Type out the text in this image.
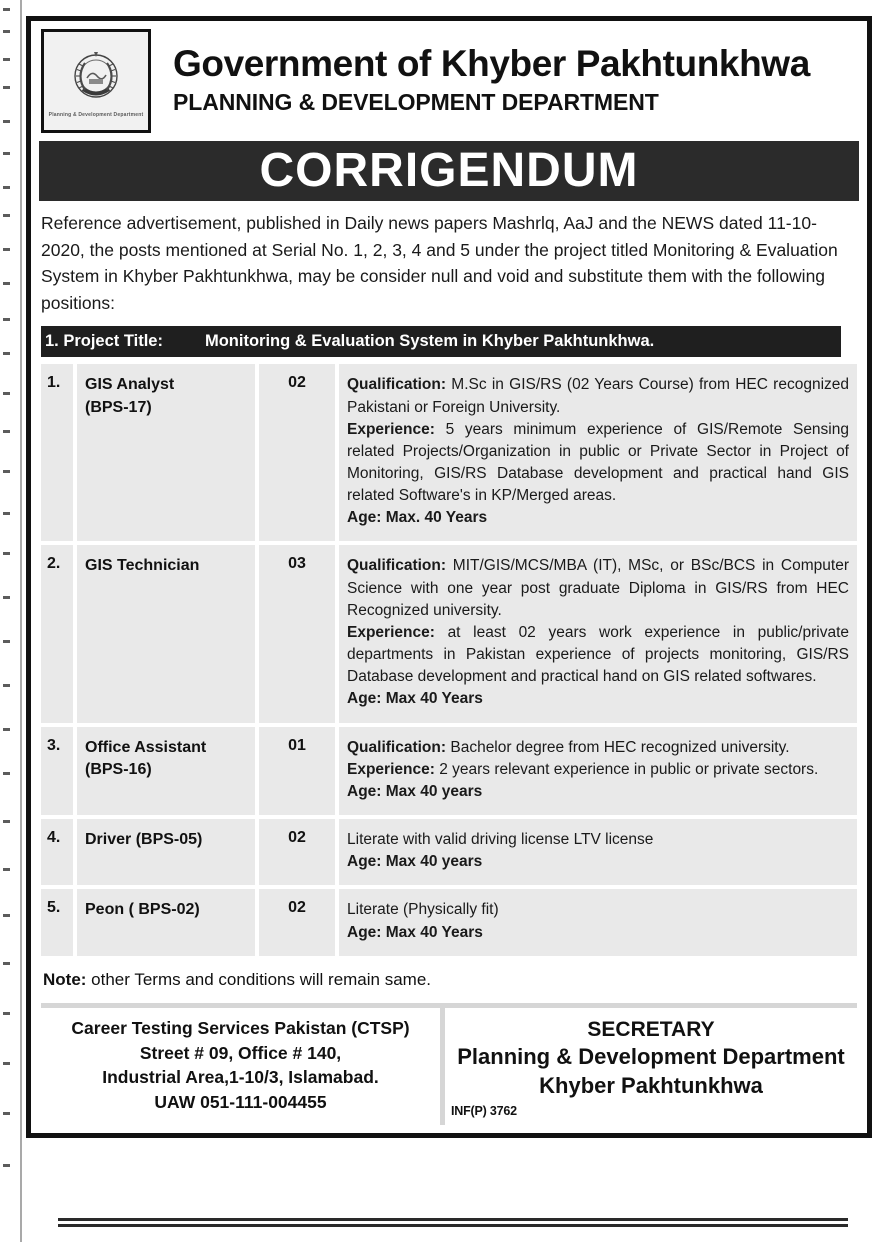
Planning & Development Department
Government of Khyber Pakhtunkhwa
PLANNING & DEVELOPMENT DEPARTMENT
CORRIGENDUM
Reference advertisement, published in Daily news papers Mashrlq, AaJ and the NEWS dated 11-10-2020, the posts mentioned at Serial No. 1, 2, 3, 4 and 5 under the project titled Monitoring & Evaluation System in Khyber Pakhtunkhwa, may be consider null and void and substitute them with the following positions:
1. Project Title:	Monitoring & Evaluation System in Khyber Pakhtunkhwa.
1.	GIS Analyst
(BPS-17)
	02	Qualification: M.Sc in GIS/RS (02 Years Course) from HEC recognized Pakistani or Foreign University.

Experience: 5 years minimum experience of GIS/Remote Sensing related Projects/Organization in public or Private Sector in Project of Monitoring, GIS/RS Database development and practical hand GIS related Software's in KP/Merged areas.

Age: Max. 40 Years

2.	GIS Technician	03	Qualification: MIT/GIS/MCS/MBA (IT), MSc, or BSc/BCS in Computer Science with one year post graduate Diploma in GIS/RS from HEC Recognized university.

Experience: at least 02 years work experience in public/private departments in Pakistan experience of projects monitoring, GIS/RS Database development and practical hand on GIS related softwares.

Age: Max 40 Years

3.	Office Assistant
(BPS-16)
	01	Qualification: Bachelor degree from HEC recognized university.

Experience: 2 years relevant experience in public or private sectors.

Age: Max 40 years

4.	Driver (BPS-05)	02	Literate with valid driving license LTV license

Age: Max 40 years

5.	Peon ( BPS-02)	02	Literate (Physically fit)

Age: Max 40 Years

Note: other Terms and conditions will remain same.
Career Testing Services Pakistan (CTSP)
Street # 09, Office # 140,
Industrial Area,1-10/3, Islamabad.
UAW 051-111-004455
SECRETARY
Planning & Development Department
Khyber Pakhtunkhwa
INF(P) 3762
